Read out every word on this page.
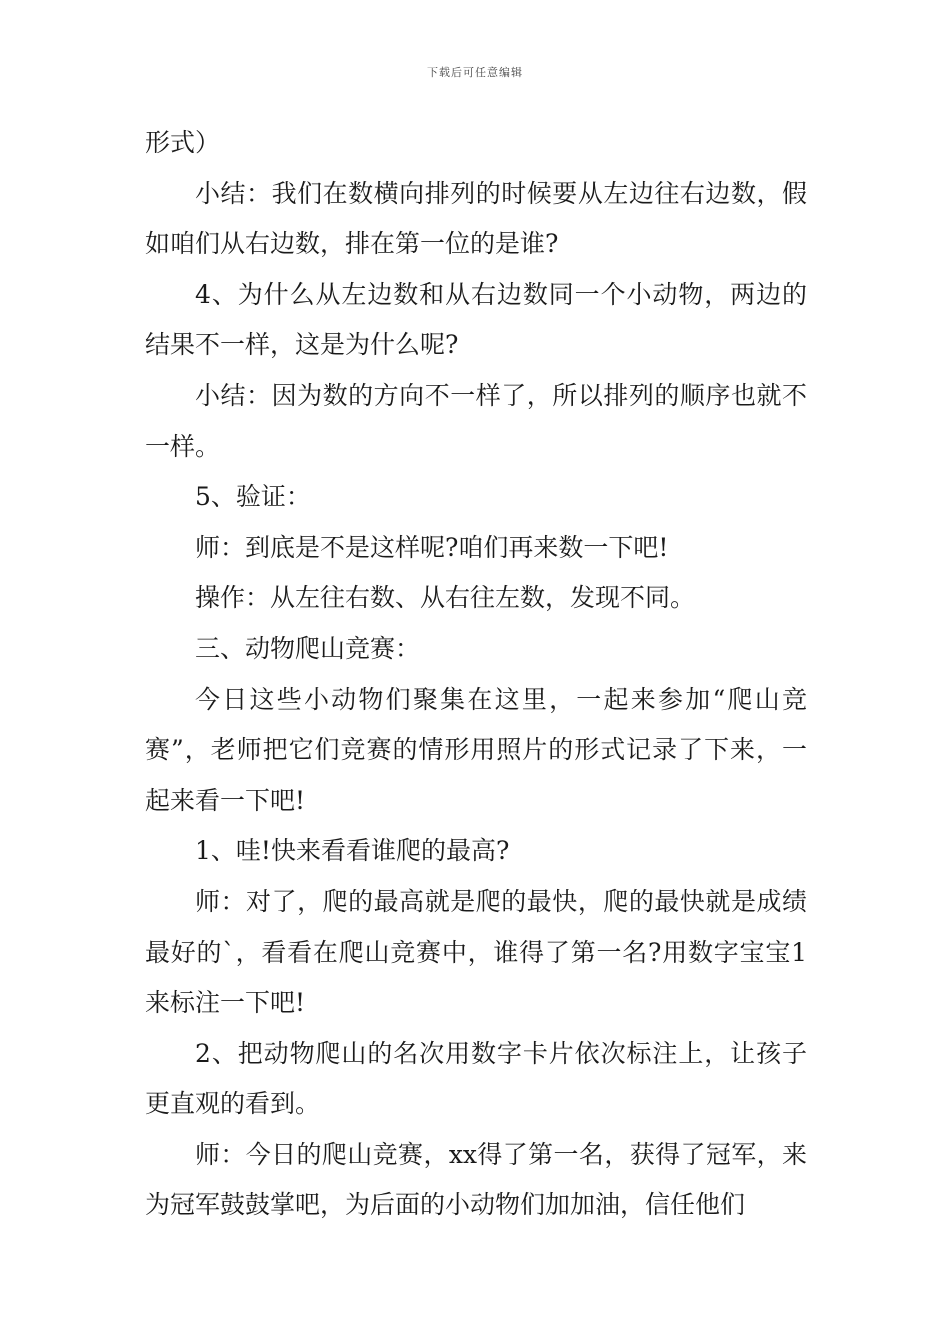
下载后可任意编辑

形式）

小结：我们在数横向排列的时候要从左边往右边数，假如咱们从右边数，排在第一位的是谁?

4、为什么从左边数和从右边数同一个小动物，两边的结果不一样，这是为什么呢?

小结：因为数的方向不一样了，所以排列的顺序也就不一样。

5、验证：

师：到底是不是这样呢?咱们再来数一下吧!

操作：从左往右数、从右往左数，发现不同。

三、动物爬山竞赛：

今日这些小动物们聚集在这里，一起来参加“爬山竞赛”，老师把它们竞赛的情形用照片的形式记录了下来，一起来看一下吧!

1、哇!快来看看谁爬的最高?

师：对了，爬的最高就是爬的最快，爬的最快就是成绩最好的`，看看在爬山竞赛中，谁得了第一名?用数字宝宝1来标注一下吧!

2、把动物爬山的名次用数字卡片依次标注上，让孩子更直观的看到。

师：今日的爬山竞赛，xx得了第一名，获得了冠军，来为冠军鼓鼓掌吧，为后面的小动物们加加油，信任他们
